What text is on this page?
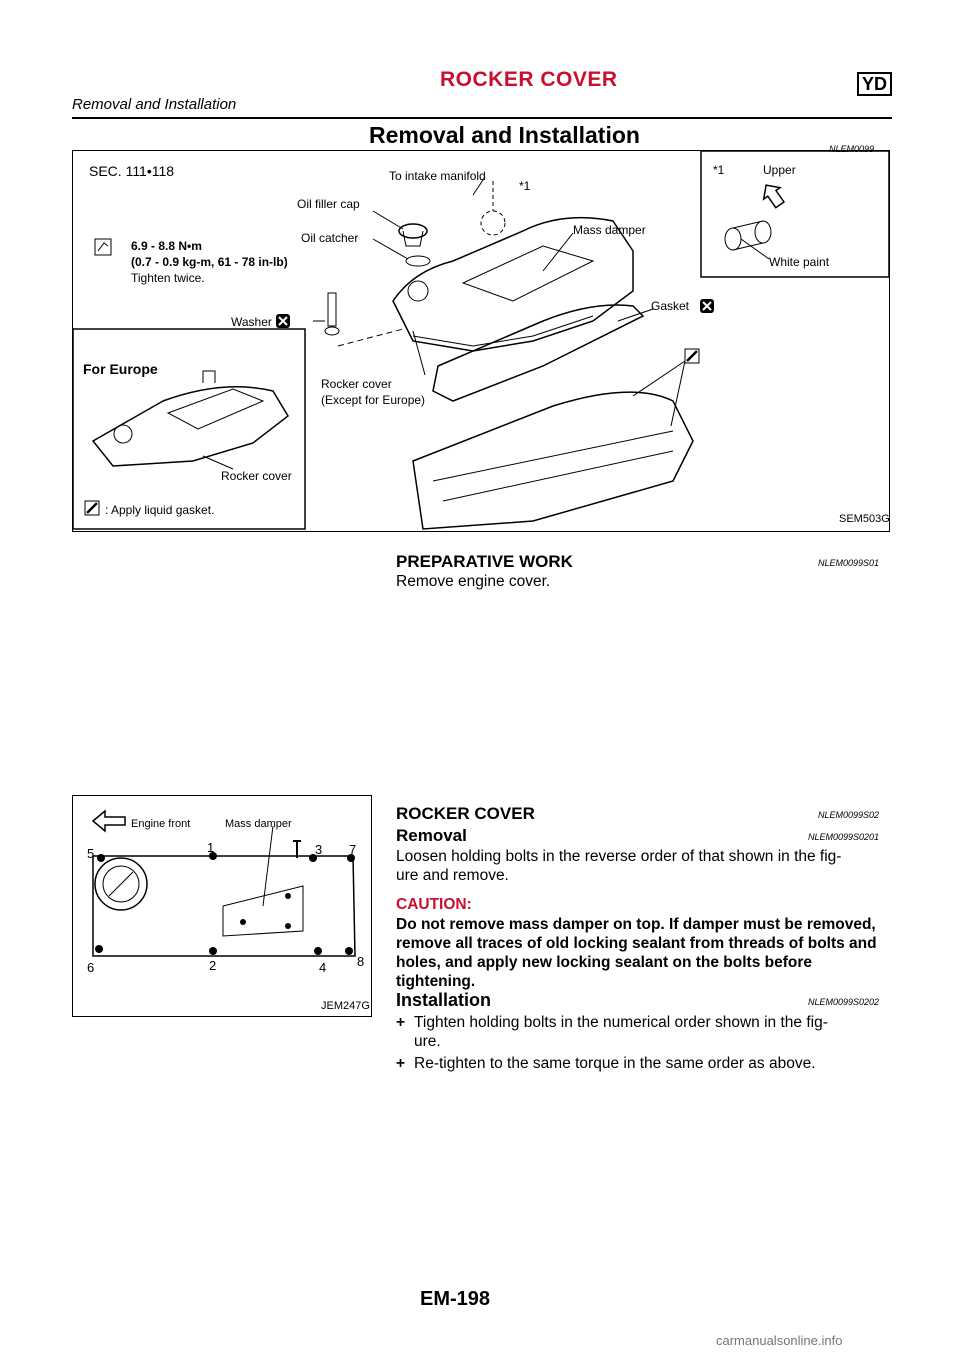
ROCKER COVER	YD
Removal and Installation
Removal and Installation
NLEM0099
SEC. 111•118
6.9 - 8.8 N•m
(0.7 - 0.9 kg-m, 61 - 78 in-lb)
Tighten twice.
To intake manifold
Oil filler cap
Oil catcher
Mass damper
Washer
Gasket
*1
*1	Upper
White paint
For Europe
Rocker cover
Rocker cover
(Except for Europe)
: Apply liquid gasket.
SEM503G
PREPARATIVE WORK	NLEM0099S01
Remove engine cover.
Engine front	Mass damper
1
2
3
4
5
6
7
8
JEM247G
ROCKER COVER	NLEM0099S02
Removal	NLEM0099S0201
Loosen holding bolts in the reverse order of that shown in the fig-
ure and remove.
CAUTION:
Do not remove mass damper on top. If damper must be removed, remove all traces of old locking sealant from threads of bolts and holes, and apply new locking sealant on the bolts before tightening.
Installation	NLEM0099S0202
+ Tighten holding bolts in the numerical order shown in the fig-
ure.
+ Re-tighten to the same torque in the same order as above.
EM-198
carmanualsonline.info
